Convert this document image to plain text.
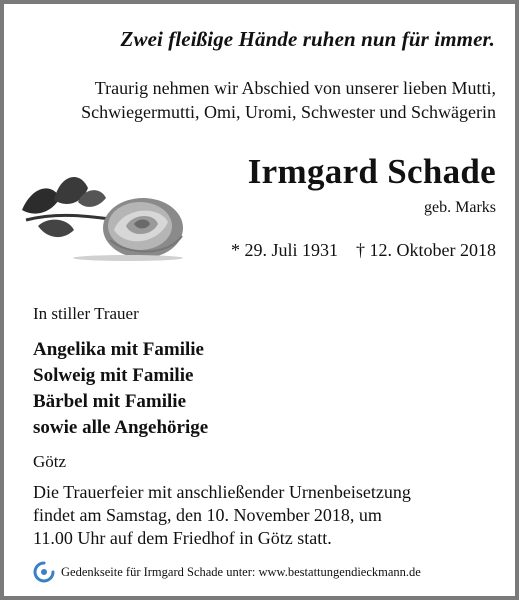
Zwei fleißige Hände ruhen nun für immer.
Traurig nehmen wir Abschied von unserer lieben Mutti,
Schwiegermutti, Omi, Uromi, Schwester und Schwägerin
Irmgard Schade
geb. Marks
* 29. Juli 1931    † 12. Oktober 2018
In stiller Trauer
Angelika mit Familie
Solweig mit Familie
Bärbel mit Familie
sowie alle Angehörige
Götz
Die Trauerfeier mit anschließender Urnenbeisetzung
findet am Samstag, den 10. November 2018, um
11.00 Uhr auf dem Friedhof in Götz statt.
Gedenkseite für Irmgard Schade unter: www.bestattungendieckmann.de
